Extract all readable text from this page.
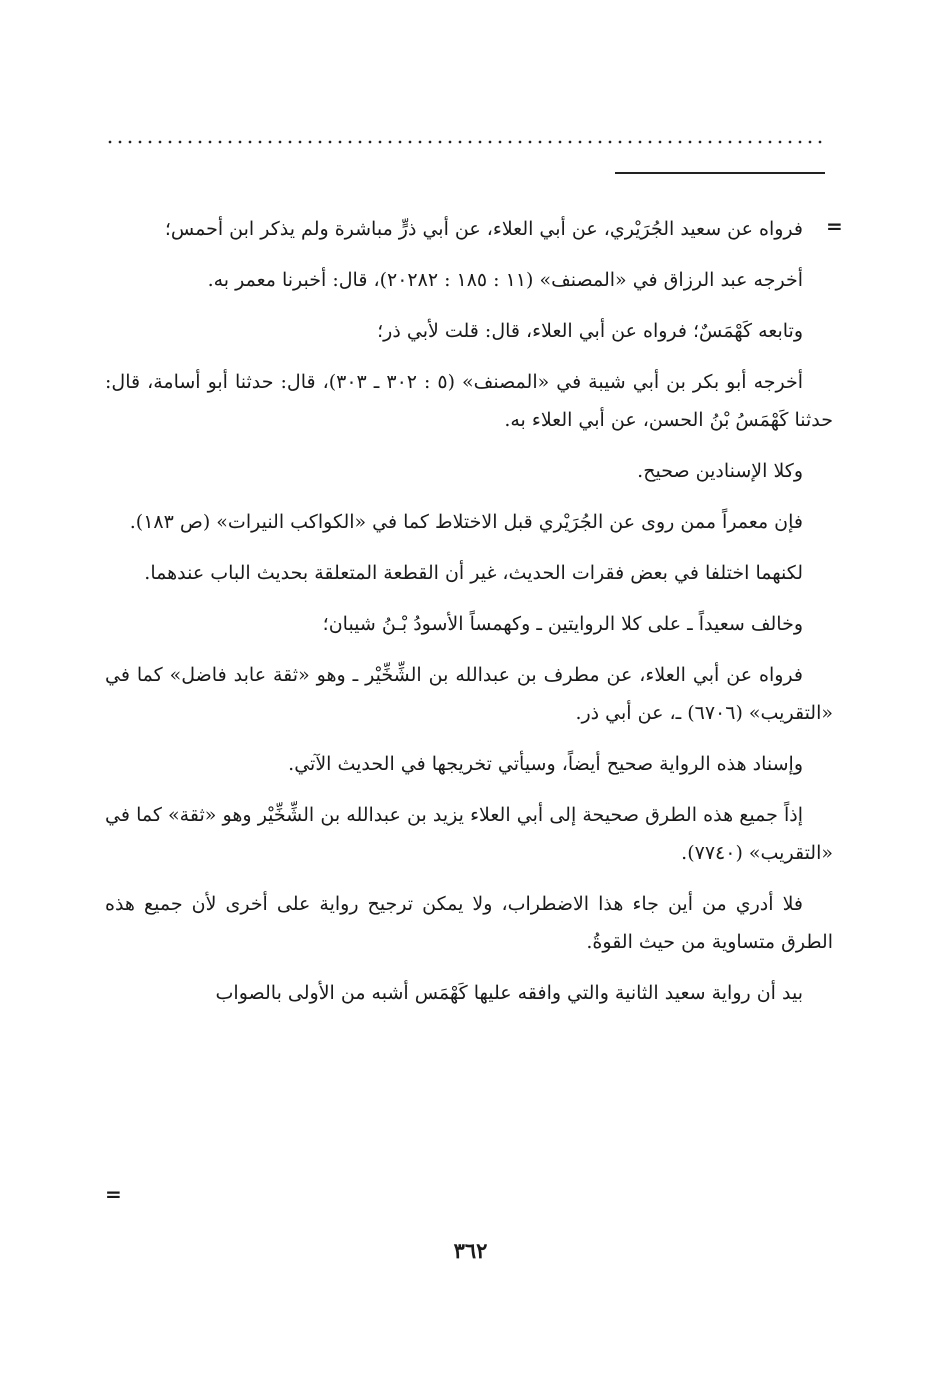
=

فرواه عن سعيد الجُرَيْري، عن أبي العلاء، عن أبي ذرٍّ مباشرة ولم يذكر ابن أحمس؛

أخرجه عبد الرزاق في «المصنف» (١١ : ١٨٥ : ٢٠٢٨٢)، قال: أخبرنا معمر به.

وتابعه كَهْمَسٌ؛ فرواه عن أبي العلاء، قال: قلت لأبي ذر؛

أخرجه أبو بكر بن أبي شيبة في «المصنف» (٥ : ٣٠٢ ـ ٣٠٣)، قال: حدثنا أبو أسامة، قال: حدثنا كَهْمَسُ بْنُ الحسن، عن أبي العلاء به.

وكلا الإسنادين صحيح.

فإن معمراً ممن روى عن الجُرَيْري قبل الاختلاط كما في «الكواكب النيرات» (ص ١٨٣).

لكنهما اختلفا في بعض فقرات الحديث، غير أن القطعة المتعلقة بحديث الباب عندهما.

وخالف سعيداً ـ على كلا الروايتين ـ وكهمساً الأسودُ بْـنُ شيبان؛

فرواه عن أبي العلاء، عن مطرف بن عبدالله بن الشِّخِّيْر ـ وهو «ثقة عابد فاضل» كما في «التقريب» (٦٧٠٦) ـ، عن أبي ذر.

وإسناد هذه الرواية صحيح أيضاً، وسيأتي تخريجها في الحديث الآتي.

إذاً جميع هذه الطرق صحيحة إلى أبي العلاء يزيد بن عبدالله بن الشِّخِّيْر وهو «ثقة» كما في «التقريب» (٧٧٤٠).

فلا أدري من أين جاء هذا الاضطراب، ولا يمكن ترجيح رواية على أخرى لأن جميع هذه الطرق متساوية من حيث القوةُ.

بيد أن رواية سعيد الثانية والتي وافقه عليها كَهْمَس أشبه من الأولى بالصواب

=
٣٦٢
